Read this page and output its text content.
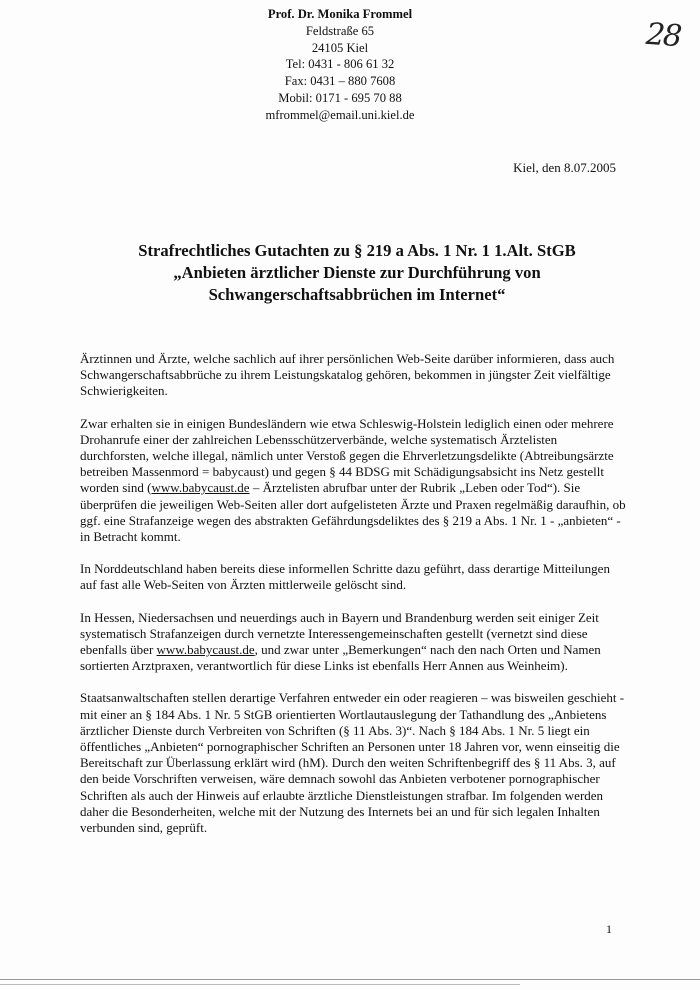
28
Prof. Dr. Monika Frommel
Feldstraße 65
24105 Kiel
Tel: 0431 - 806 61 32
Fax: 0431 – 880 7608
Mobil: 0171 - 695 70 88
mfrommel@email.uni.kiel.de
Kiel, den 8.07.2005
Strafrechtliches Gutachten zu § 219 a Abs. 1 Nr. 1 1.Alt. StGB
„Anbieten ärztlicher Dienste zur Durchführung von
Schwangerschaftsabbrüchen im Internet“

Ärztinnen und Ärzte, welche sachlich auf ihrer persönlichen Web-Seite darüber informieren, dass auch Schwangerschaftsabbrüche zu ihrem Leistungskatalog gehören, bekommen in jüngster Zeit vielfältige Schwierigkeiten.

Zwar erhalten sie in einigen Bundesländern wie etwa Schleswig-Holstein lediglich einen oder mehrere Drohanrufe einer der zahlreichen Lebensschützerverbände, welche systematisch Ärztelisten durchforsten, welche illegal, nämlich unter Verstoß gegen die Ehrverletzungsdelikte (Abtreibungsärzte betreiben Massenmord = babycaust) und gegen § 44 BDSG mit Schädigungsabsicht ins Netz gestellt worden sind (www.babycaust.de – Ärztelisten abrufbar unter der Rubrik „Leben oder Tod“). Sie überprüfen die jeweiligen Web-Seiten aller dort aufgelisteten Ärzte und Praxen regelmäßig daraufhin, ob ggf. eine Strafanzeige wegen des abstrakten Gefährdungsdeliktes des § 219 a Abs. 1 Nr. 1 - „anbieten“ - in Betracht kommt.

In Norddeutschland haben bereits diese informellen Schritte dazu geführt, dass derartige Mitteilungen auf fast alle Web-Seiten von Ärzten mittlerweile gelöscht sind.

In Hessen, Niedersachsen und neuerdings auch in Bayern und Brandenburg werden seit einiger Zeit systematisch Strafanzeigen durch vernetzte Interessengemeinschaften gestellt (vernetzt sind diese ebenfalls über www.babycaust.de, und zwar unter „Bemerkungen“ nach den nach Orten und Namen sortierten Arztpraxen, verantwortlich für diese Links ist ebenfalls Herr Annen aus Weinheim).

Staatsanwaltschaften stellen derartige Verfahren entweder ein oder reagieren – was bisweilen geschieht - mit einer an § 184 Abs. 1 Nr. 5 StGB orientierten Wortlautauslegung der Tathandlung des „Anbietens ärztlicher Dienste durch Verbreiten von Schriften (§ 11 Abs. 3)“. Nach § 184 Abs. 1 Nr. 5 liegt ein öffentliches „Anbieten“ pornographischer Schriften an Personen unter 18 Jahren vor, wenn einseitig die Bereitschaft zur Überlassung erklärt wird (hM). Durch den weiten Schriftenbegriff des § 11 Abs. 3, auf den beide Vorschriften verweisen, wäre demnach sowohl das Anbieten verbotener pornographischer Schriften als auch der Hinweis auf erlaubte ärztliche Dienstleistungen strafbar. Im folgenden werden daher die Besonderheiten, welche mit der Nutzung des Internets bei an und für sich legalen Inhalten verbunden sind, geprüft.

1
